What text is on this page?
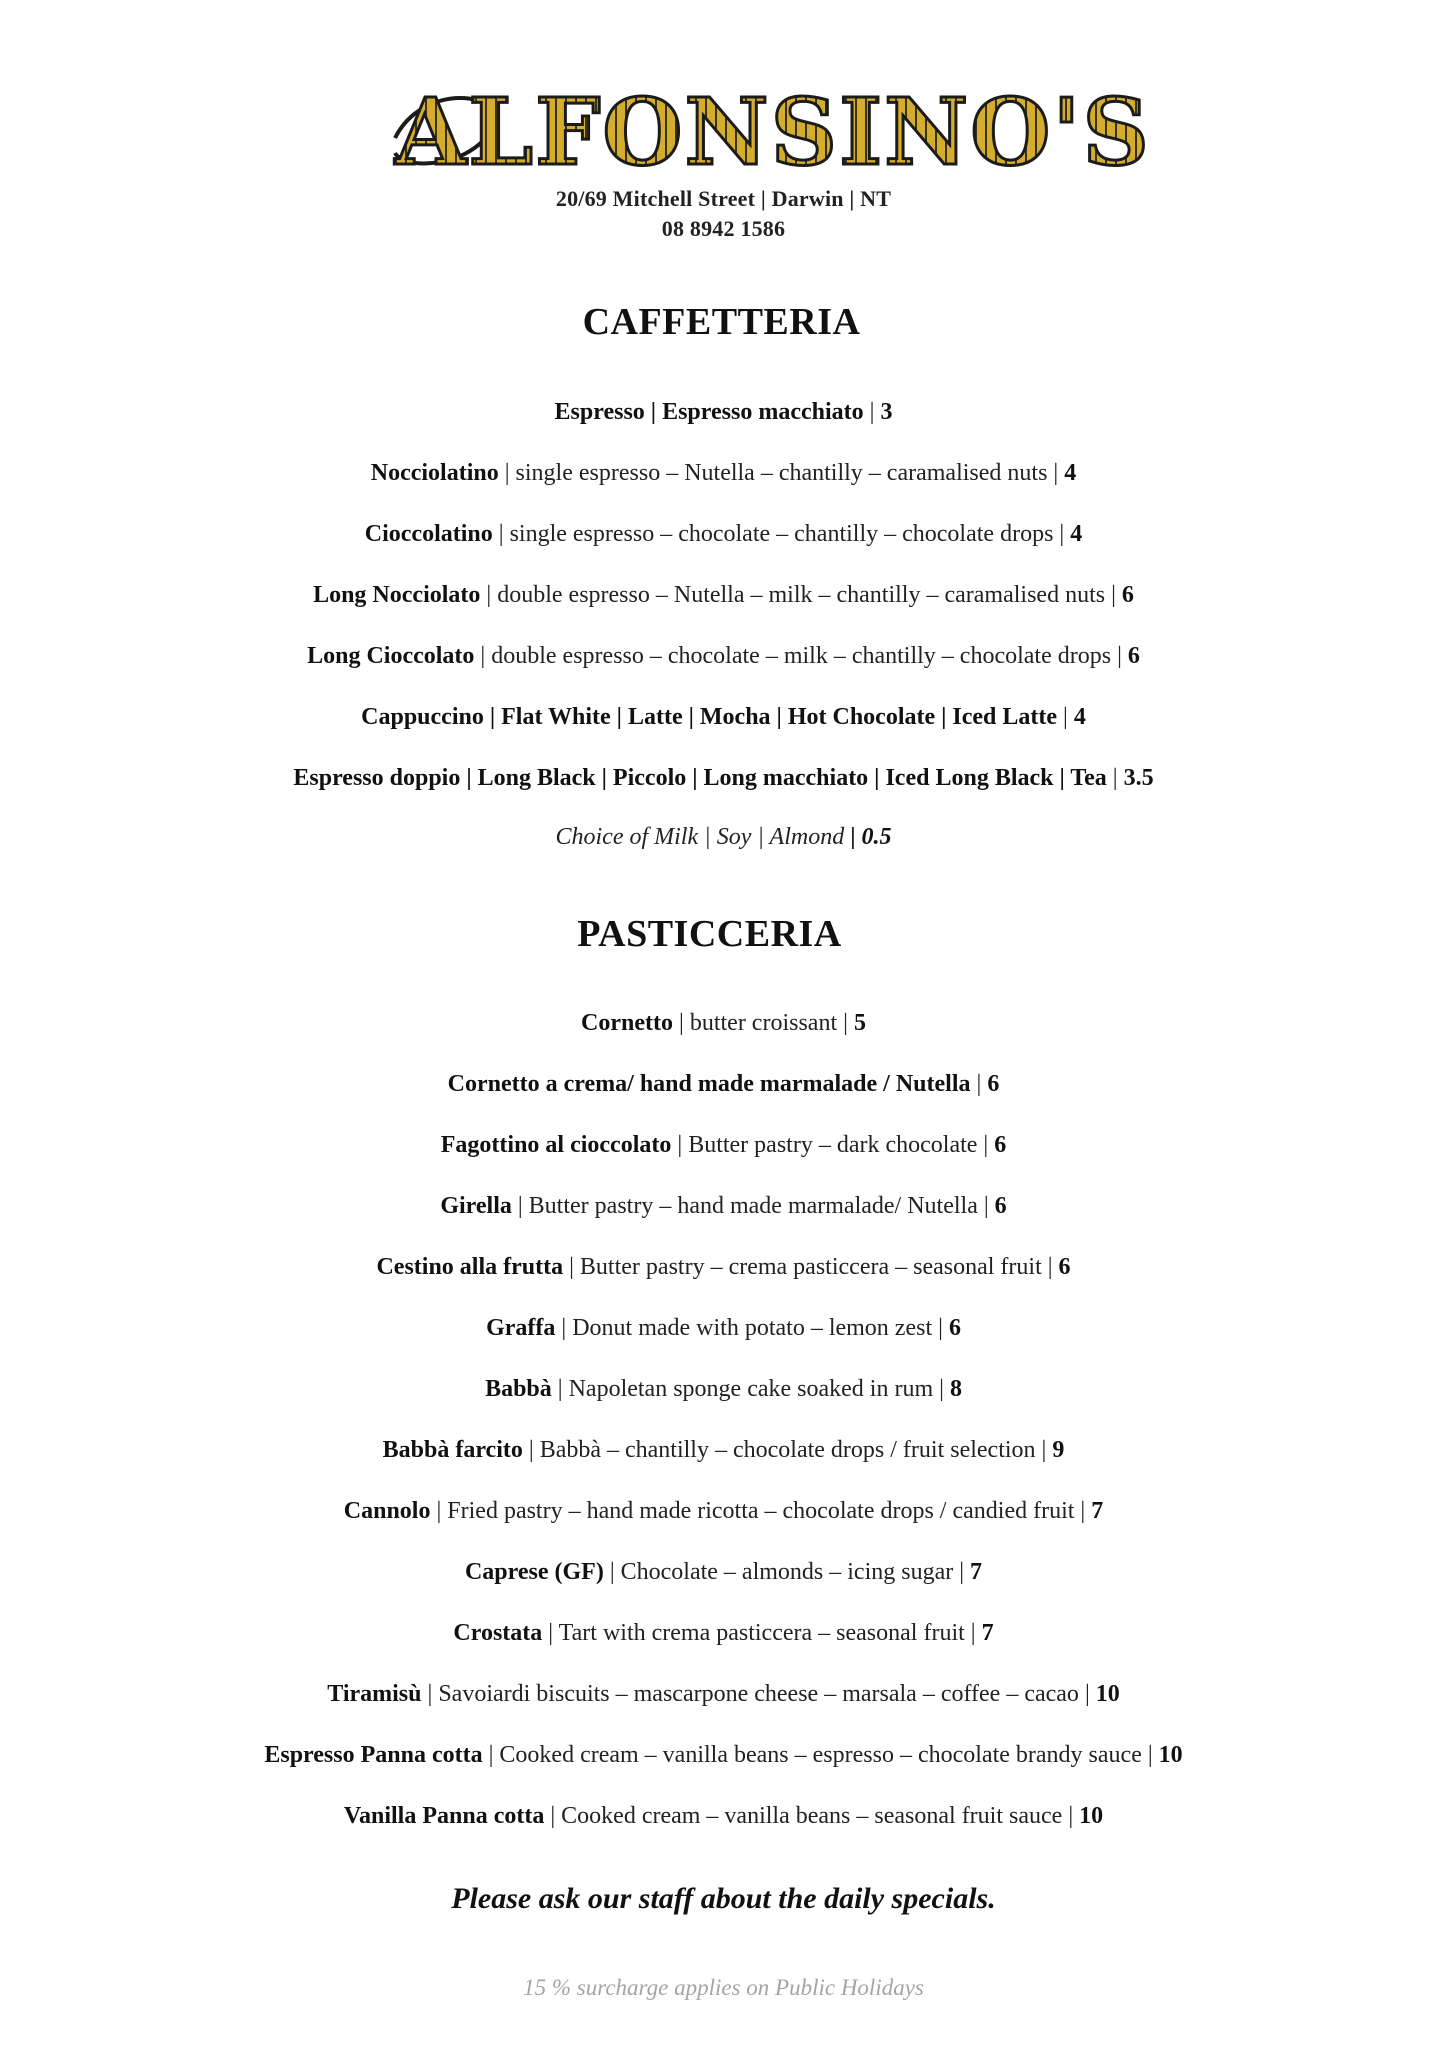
ALFONSINO'S
20/69 Mitchell Street | Darwin | NT
08 8942 1586
CAFFETTERIA
Espresso | Espresso macchiato | 3
Nocciolatino | single espresso – Nutella – chantilly – caramalised nuts | 4
Cioccolatino | single espresso – chocolate – chantilly – chocolate drops | 4
Long Nocciolato | double espresso – Nutella – milk – chantilly – caramalised nuts | 6
Long Cioccolato | double espresso – chocolate – milk – chantilly – chocolate drops | 6
Cappuccino | Flat White | Latte | Mocha | Hot Chocolate | Iced Latte | 4
Espresso doppio | Long Black | Piccolo | Long macchiato | Iced Long Black | Tea | 3.5
Choice of Milk | Soy | Almond | 0.5
PASTICCERIA
Cornetto | butter croissant | 5
Cornetto a crema/ hand made marmalade / Nutella | 6
Fagottino al cioccolato | Butter pastry – dark chocolate | 6
Girella | Butter pastry – hand made marmalade/ Nutella | 6
Cestino alla frutta | Butter pastry – crema pasticcera – seasonal fruit | 6
Graffa | Donut made with potato – lemon zest | 6
Babbà | Napoletan sponge cake soaked in rum | 8
Babbà farcito | Babbà – chantilly – chocolate drops / fruit selection | 9
Cannolo | Fried pastry – hand made ricotta – chocolate drops / candied fruit | 7
Caprese (GF) | Chocolate – almonds – icing sugar | 7
Crostata | Tart with crema pasticcera – seasonal fruit | 7
Tiramisù | Savoiardi biscuits – mascarpone cheese – marsala – coffee – cacao | 10
Espresso Panna cotta | Cooked cream – vanilla beans – espresso – chocolate brandy sauce | 10
Vanilla Panna cotta | Cooked cream – vanilla beans – seasonal fruit sauce | 10
Please ask our staff about the daily specials.
15 % surcharge applies on Public Holidays
